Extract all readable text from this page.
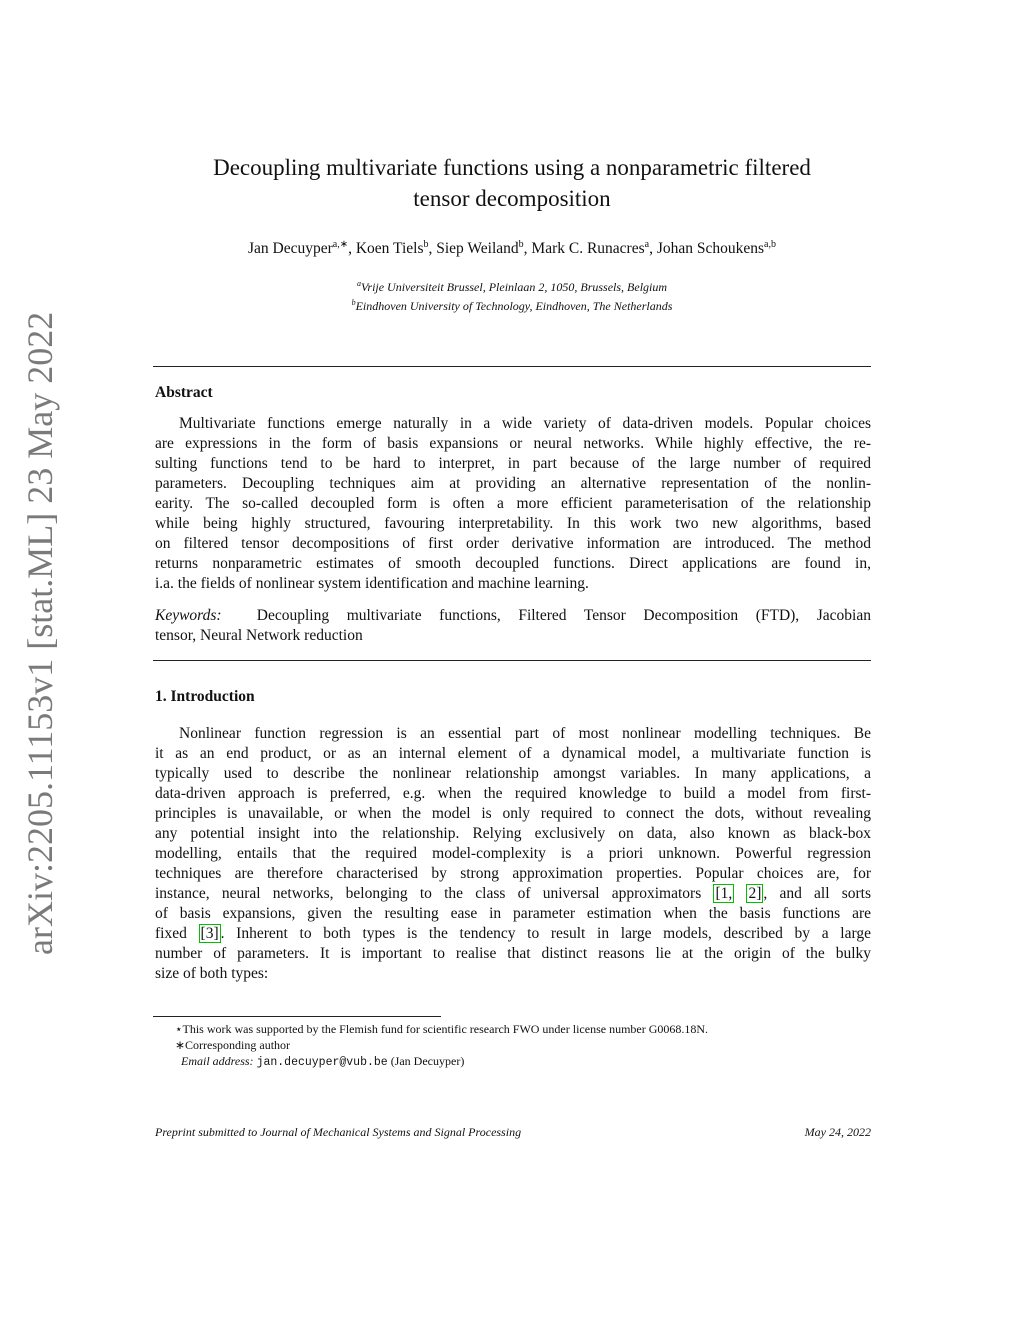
arXiv:2205.11153v1 [stat.ML] 23 May 2022
Decoupling multivariate functions using a nonparametric filtered
tensor decomposition
Jan Decuyper$^{a,∗}$, Koen Tiels$^b$, Siep Weiland$^b$, Mark C. Runacres$^a$, Johan Schoukens$^{a,b}$
$^a$Vrije Universiteit Brussel, Pleinlaan 2, 1050, Brussels, Belgium
$^b$Eindhoven University of Technology, Eindhoven, The Netherlands
Abstract
Multivariate functions emerge naturally in a wide variety of data-driven models. Popular choices
are expressions in the form of basis expansions or neural networks. While highly effective, the re-
sulting functions tend to be hard to interpret, in part because of the large number of required
parameters. Decoupling techniques aim at providing an alternative representation of the nonlin-
earity. The so-called decoupled form is often a more efficient parameterisation of the relationship
while being highly structured, favouring interpretability. In this work two new algorithms, based
on filtered tensor decompositions of first order derivative information are introduced. The method
returns nonparametric estimates of smooth decoupled functions. Direct applications are found in,
i.a. the fields of nonlinear system identification and machine learning.
Keywords: Decoupling multivariate functions, Filtered Tensor Decomposition (FTD), Jacobian
tensor, Neural Network reduction
1. Introduction
Nonlinear function regression is an essential part of most nonlinear modelling techniques. Be
it as an end product, or as an internal element of a dynamical model, a multivariate function is
typically used to describe the nonlinear relationship amongst variables. In many applications, a
data-driven approach is preferred, e.g. when the required knowledge to build a model from first-
principles is unavailable, or when the model is only required to connect the dots, without revealing
any potential insight into the relationship. Relying exclusively on data, also known as black-box
modelling, entails that the required model-complexity is a priori unknown. Powerful regression
techniques are therefore characterised by strong approximation properties. Popular choices are, for
instance, neural networks, belonging to the class of universal approximators [1, 2] , and all sorts
of basis expansions, given the resulting ease in parameter estimation when the basis functions are
fixed [3] . Inherent to both types is the tendency to result in large models, described by a large
number of parameters. It is important to realise that distinct reasons lie at the origin of the bulky
size of both types:
⋆This work was supported by the Flemish fund for scientific research FWO under license number G0068.18N.
∗Corresponding author
Email address: jan.decuyper@vub.be (Jan Decuyper)
Preprint submitted to Journal of Mechanical Systems and Signal Processing	May 24, 2022
